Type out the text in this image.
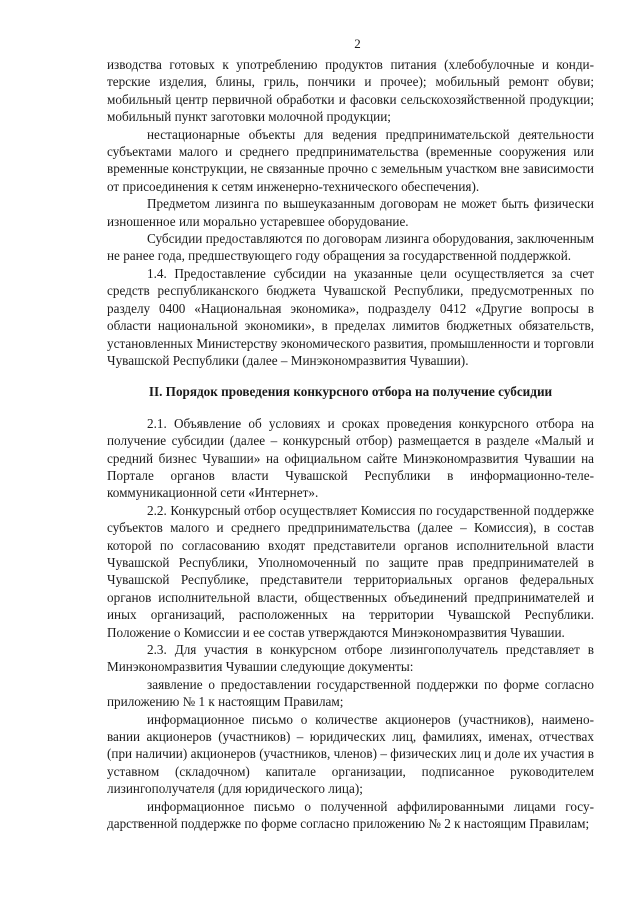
2

изводства готовых к употреблению продуктов питания (хлебобулочные и кондитерские изделия, блины, гриль, пончики и прочее); мобильный ремонт обуви; мобильный центр первичной обработки и фасовки сельскохозяйственной продукции; мобильный пункт заготовки молочной продукции;

нестационарные объекты для ведения предпринимательской деятельности субъектами малого и среднего предпринимательства (временные сооружения или временные конструкции, не связанные прочно с земельным участком вне зависимости от присоединения к сетям инженерно-технического обеспечения).

Предметом лизинга по вышеуказанным договорам не может быть физически изношенное или морально устаревшее оборудование.

Субсидии предоставляются по договорам лизинга оборудования, заключенным не ранее года, предшествующего году обращения за государственной поддержкой.

1.4. Предоставление субсидии на указанные цели осуществляется за счет средств республиканского бюджета Чувашской Республики, предусмотренных по разделу 0400 «Национальная экономика», подразделу 0412 «Другие вопросы в области национальной экономики», в пределах лимитов бюджетных обязательств, установленных Министерству экономического развития, промышленности и торговли Чувашской Республики (далее – Минэкономразвития Чувашии).

II. Порядок проведения конкурсного отбора на получение субсидии

2.1. Объявление об условиях и сроках проведения конкурсного отбора на получение субсидии (далее – конкурсный отбор) размещается в разделе «Малый и средний бизнес Чувашии» на официальном сайте Минэкономразвития Чувашии на Портале органов власти Чувашской Республики в информационно-телекоммуникационной сети «Интернет».

2.2. Конкурсный отбор осуществляет Комиссия по государственной поддержке субъектов малого и среднего предпринимательства (далее – Комиссия), в состав которой по согласованию входят представители органов исполнительной власти Чувашской Республики, Уполномоченный по защите прав предпринимателей в Чувашской Республике, представители территориальных органов федеральных органов исполнительной власти, общественных объединений предпринимателей и иных организаций, расположенных на территории Чувашской Республики. Положение о Комиссии и ее состав утверждаются Минэкономразвития Чувашии.

2.3. Для участия в конкурсном отборе лизингополучатель представляет в Минэкономразвития Чувашии следующие документы:

заявление о предоставлении государственной поддержки по форме согласно приложению № 1 к настоящим Правилам;

информационное письмо о количестве акционеров (участников), наименовании акционеров (участников) – юридических лиц, фамилиях, именах, отчествах (при наличии) акционеров (участников, членов) – физических лиц и доле их участия в уставном (складочном) капитале организации, подписанное руководителем лизингополучателя (для юридического лица);

информационное письмо о полученной аффилированными лицами государственной поддержке по форме согласно приложению № 2 к настоящим Правилам;
